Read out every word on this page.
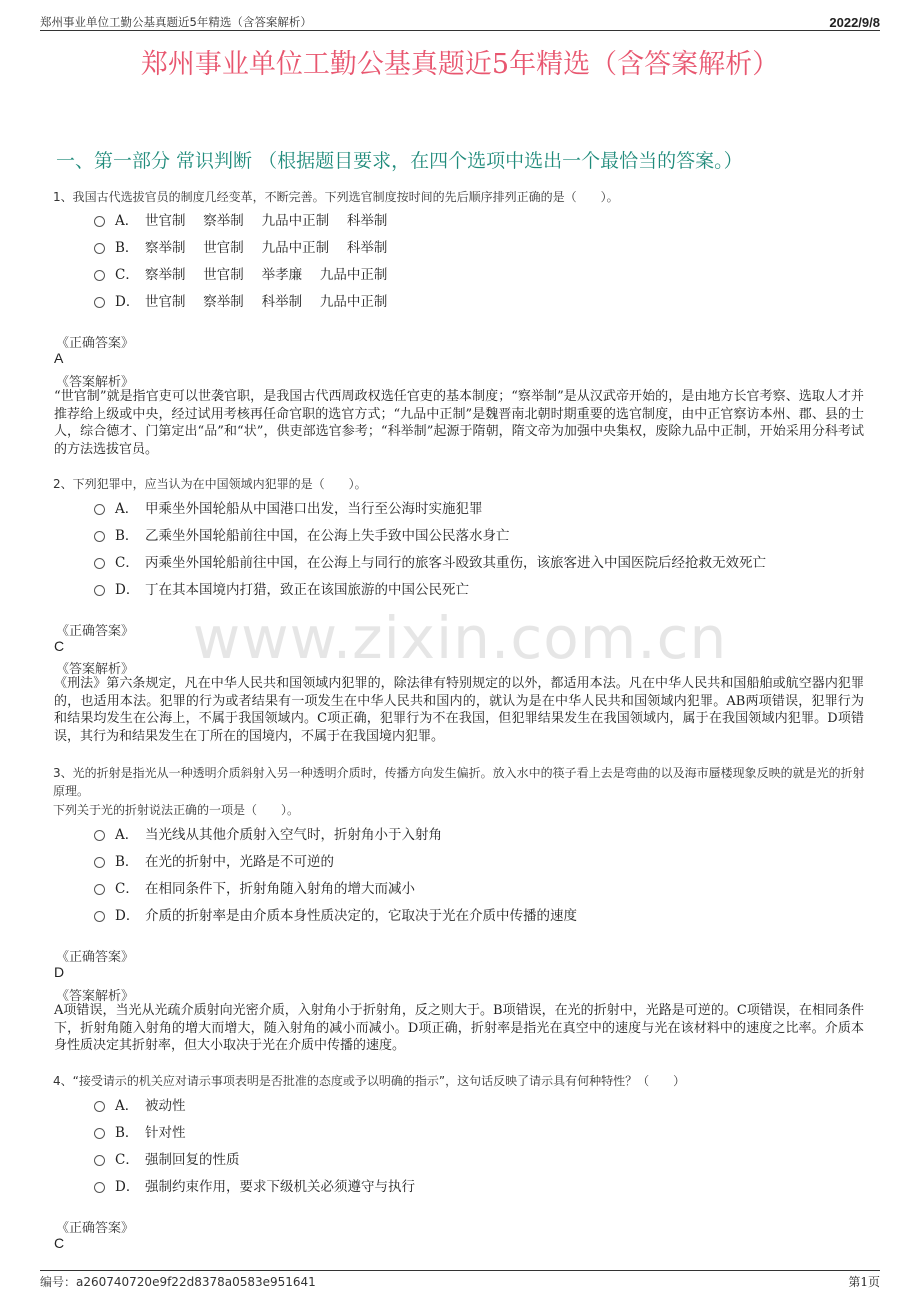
郑州事业单位工勤公基真题近5年精选（含答案解析）	2022/9/8
郑州事业单位工勤公基真题近5年精选（含答案解析）
一、第一部分 常识判断 （根据题目要求，在四个选项中选出一个最恰当的答案。）
www.zixin.com.cn
1、我国古代选拔官员的制度几经变革，不断完善。下列选官制度按时间的先后顺序排列正确的是（　　）。
A． 世官制　 察举制　 九品中正制　 科举制
B． 察举制　 世官制　 九品中正制　 科举制
C． 察举制　 世官制　 举孝廉　 九品中正制
D． 世官制　 察举制　 科举制　 九品中正制
《正确答案》
A
《答案解析》
“世官制”就是指官吏可以世袭官职，是我国古代西周政权选任官吏的基本制度；“察举制”是从汉武帝开始的，是由地方长官考察、选取人才并推荐给上级或中央，经过试用考核再任命官职的选官方式；“九品中正制”是魏晋南北朝时期重要的选官制度，由中正官察访本州、郡、县的士人，综合德才、门第定出“品”和“状”，供吏部选官参考；“科举制”起源于隋朝，隋文帝为加强中央集权，废除九品中正制，开始采用分科考试的方法选拔官员。
2、下列犯罪中，应当认为在中国领域内犯罪的是（　　）。
A． 甲乘坐外国轮船从中国港口出发，当行至公海时实施犯罪
B． 乙乘坐外国轮船前往中国，在公海上失手致中国公民落水身亡
C． 丙乘坐外国轮船前往中国，在公海上与同行的旅客斗殴致其重伤，该旅客进入中国医院后经抢救无效死亡
D． 丁在其本国境内打猎，致正在该国旅游的中国公民死亡
《正确答案》
C
《答案解析》
《刑法》第六条规定，凡在中华人民共和国领域内犯罪的，除法律有特别规定的以外，都适用本法。凡在中华人民共和国船舶或航空器内犯罪的，也适用本法。犯罪的行为或者结果有一项发生在中华人民共和国内的，就认为是在中华人民共和国领域内犯罪。AB两项错误，犯罪行为和结果均发生在公海上，不属于我国领域内。C项正确，犯罪行为不在我国，但犯罪结果发生在我国领域内，属于在我国领域内犯罪。D项错误，其行为和结果发生在丁所在的国境内，不属于在我国境内犯罪。
3、光的折射是指光从一种透明介质斜射入另一种透明介质时，传播方向发生偏折。放入水中的筷子看上去是弯曲的以及海市蜃楼现象反映的就是光的折射原理。
下列关于光的折射说法正确的一项是（　　）。
A． 当光线从其他介质射入空气时，折射角小于入射角
B． 在光的折射中，光路是不可逆的
C． 在相同条件下，折射角随入射角的增大而减小
D． 介质的折射率是由介质本身性质决定的，它取决于光在介质中传播的速度
《正确答案》
D
《答案解析》
A项错误，当光从光疏介质射向光密介质，入射角小于折射角，反之则大于。B项错误，在光的折射中，光路是可逆的。C项错误，在相同条件下，折射角随入射角的增大而增大，随入射角的减小而减小。D项正确，折射率是指光在真空中的速度与光在该材料中的速度之比率。介质本身性质决定其折射率，但大小取决于光在介质中传播的速度。
4、“接受请示的机关应对请示事项表明是否批准的态度或予以明确的指示”，这句话反映了请示具有何种特性？（　　）
A． 被动性
B． 针对性
C． 强制回复的性质
D． 强制约束作用，要求下级机关必须遵守与执行
《正确答案》
C
编号：a260740720e9f22d8378a0583e951641	第1页
